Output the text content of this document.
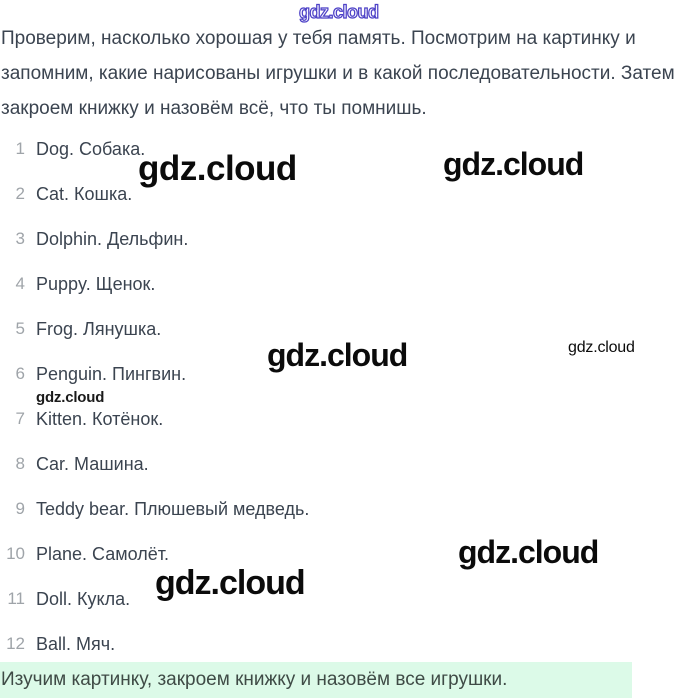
gdz.cloud
Проверим, насколько хорошая у тебя память. Посмотрим на картинку и
запомним, какие нарисованы игрушки и в какой последовательности. Затем
закроем книжку и назовём всё, что ты помнишь.
1 Dog. Собака.
2 Cat. Кошка.
3 Dolphin. Дельфин.
4 Puppy. Щенок.
5 Frog. Лянушка.
6 Penguin. Пингвин.
7 Kitten. Котёнок.
8 Car. Машина.
9 Teddy bear. Плюшевый медведь.
10 Plane. Самолёт.
11 Doll. Кукла.
12 Ball. Мяч.
gdz.cloud	gdz.cloud
gdz.cloud	gdz.cloud
gdz.cloud
gdz.cloud
gdz.cloud
Изучим картинку, закроем книжку и назовём все игрушки.
